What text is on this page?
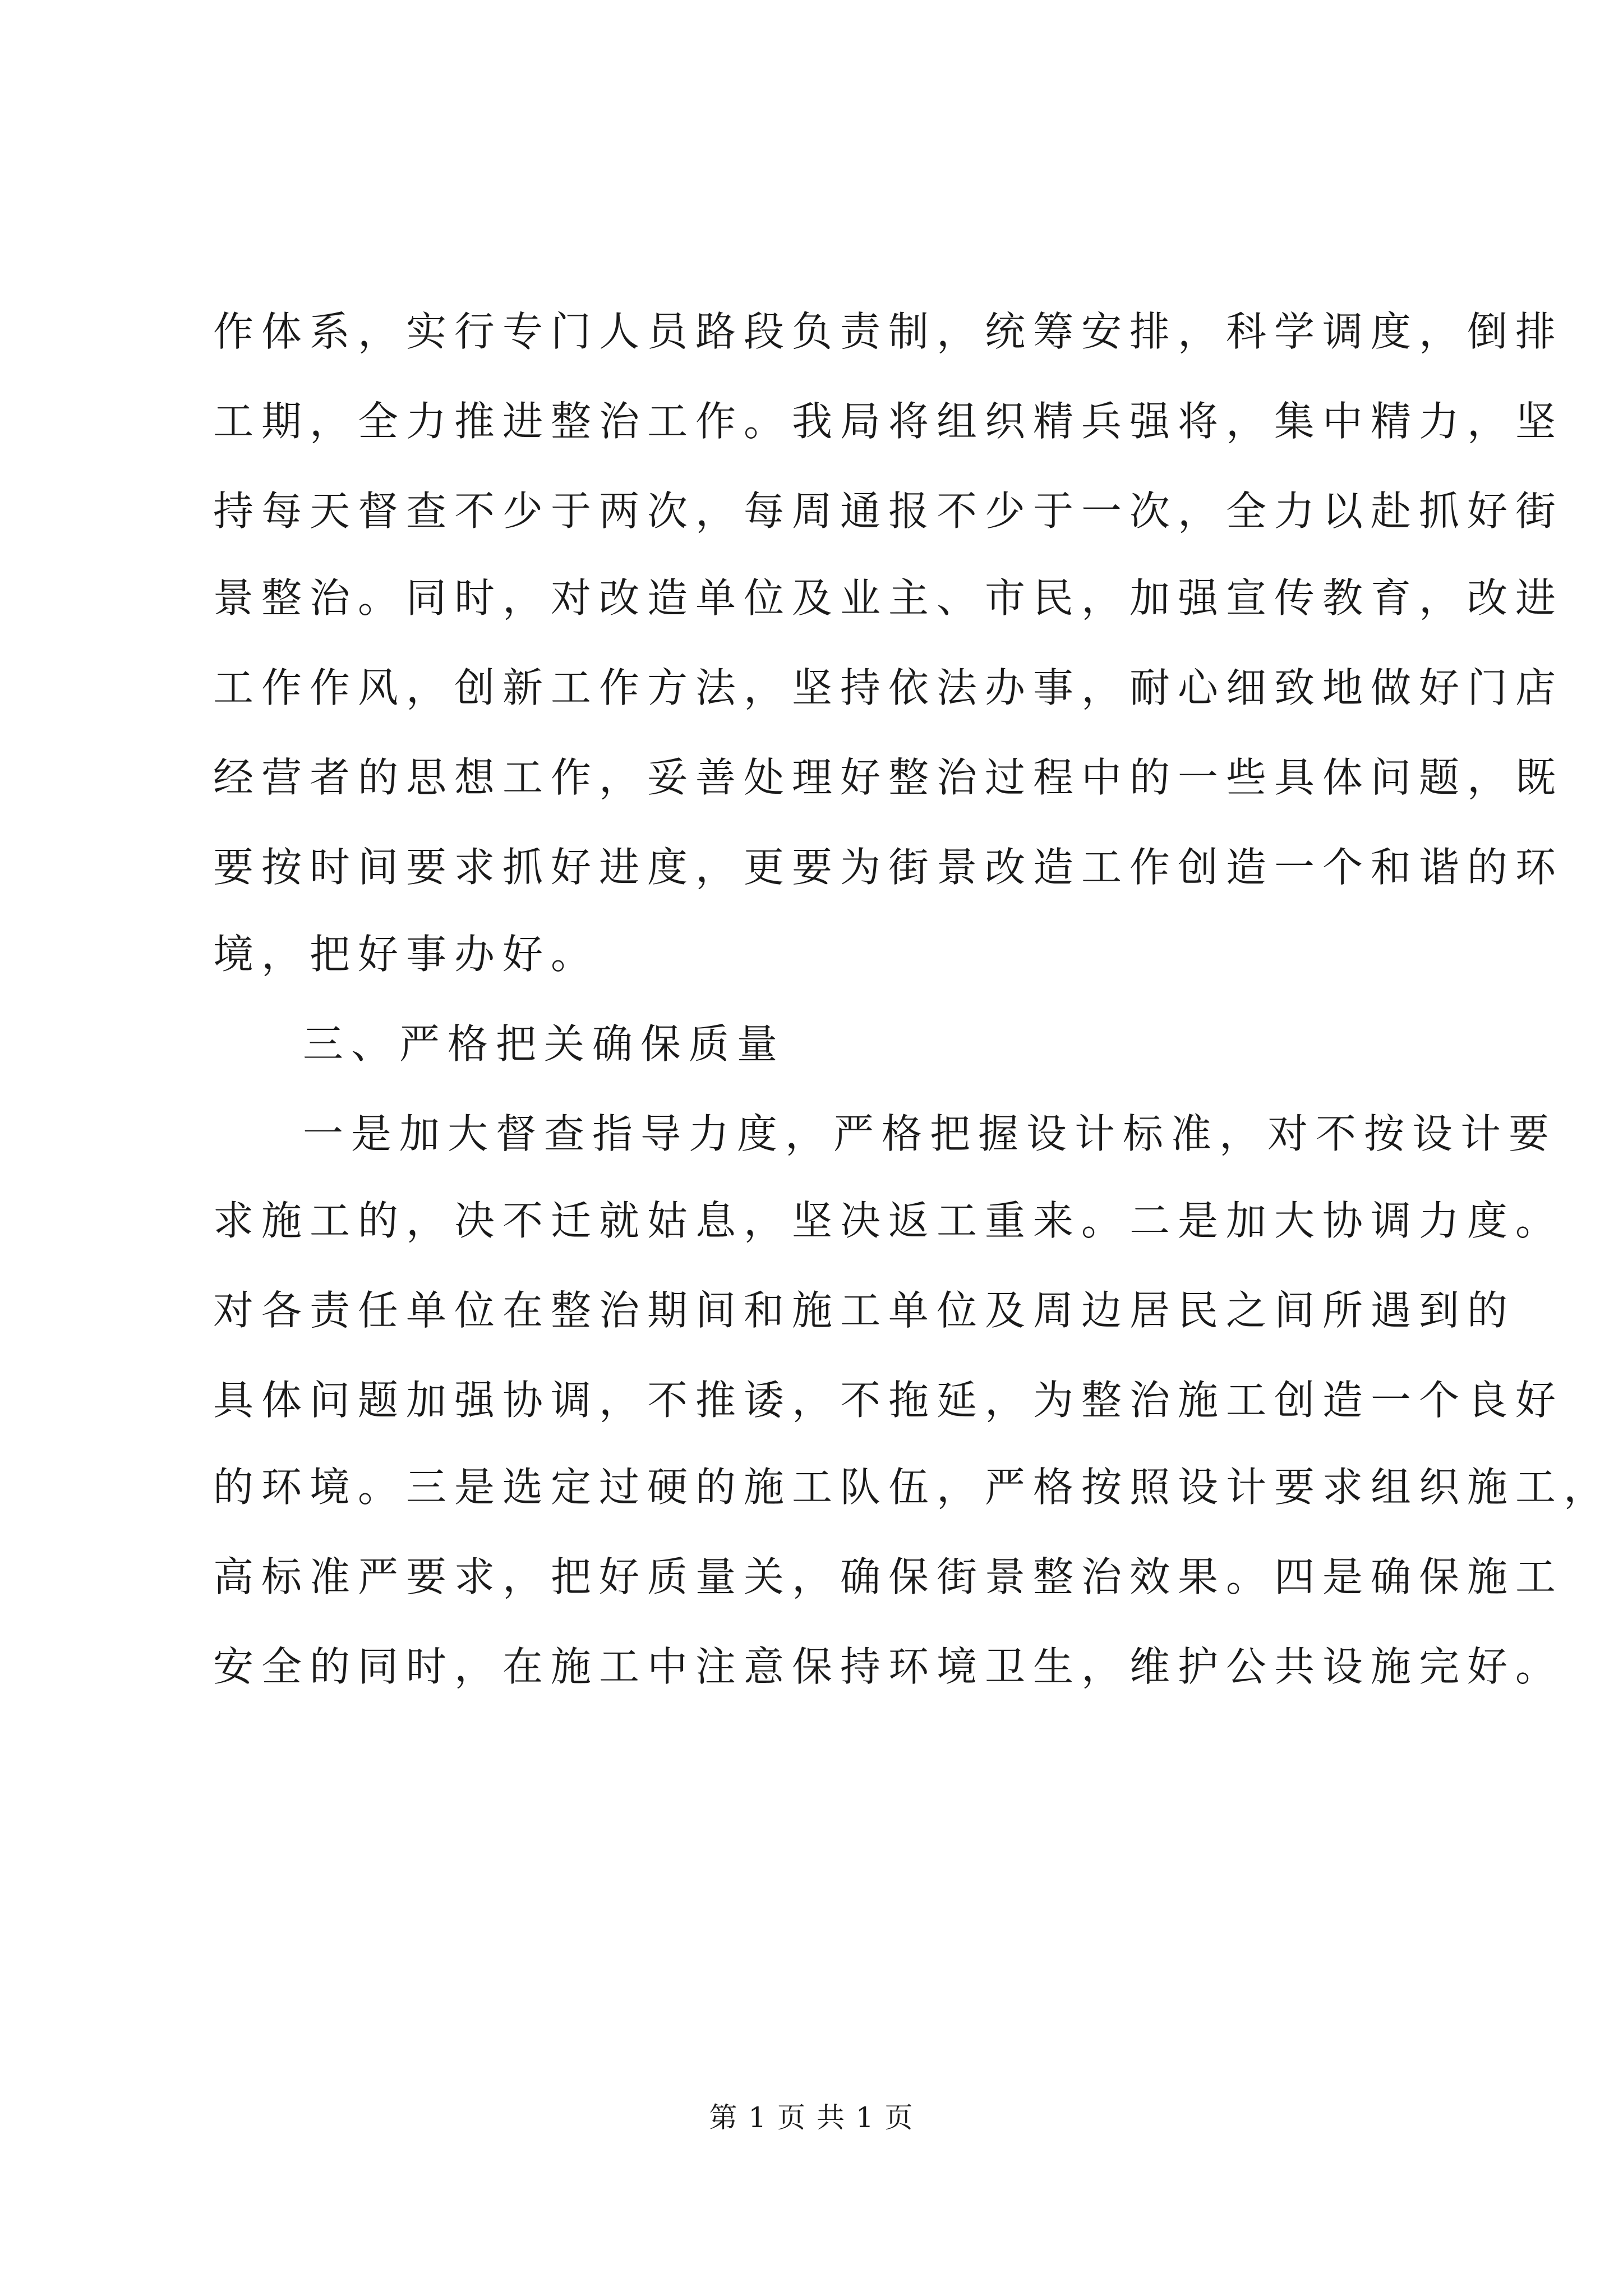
作体系，实行专门人员路段负责制，统筹安排，科学调度，倒排
工期，全力推进整治工作。我局将组织精兵强将，集中精力，坚
持每天督查不少于两次，每周通报不少于一次，全力以赴抓好街
景整治。同时，对改造单位及业主、市民，加强宣传教育，改进
工作作风，创新工作方法，坚持依法办事，耐心细致地做好门店
经营者的思想工作，妥善处理好整治过程中的一些具体问题，既
要按时间要求抓好进度，更要为街景改造工作创造一个和谐的环
境，把好事办好。
三、严格把关确保质量
一是加大督查指导力度，严格把握设计标准，对不按设计要
求施工的，决不迁就姑息，坚决返工重来。二是加大协调力度。
对各责任单位在整治期间和施工单位及周边居民之间所遇到的
具体问题加强协调，不推诿，不拖延，为整治施工创造一个良好
的环境。三是选定过硬的施工队伍，严格按照设计要求组织施工，
高标准严要求，把好质量关，确保街景整治效果。四是确保施工
安全的同时，在施工中注意保持环境卫生，维护公共设施完好。
第 1 页 共 1 页
